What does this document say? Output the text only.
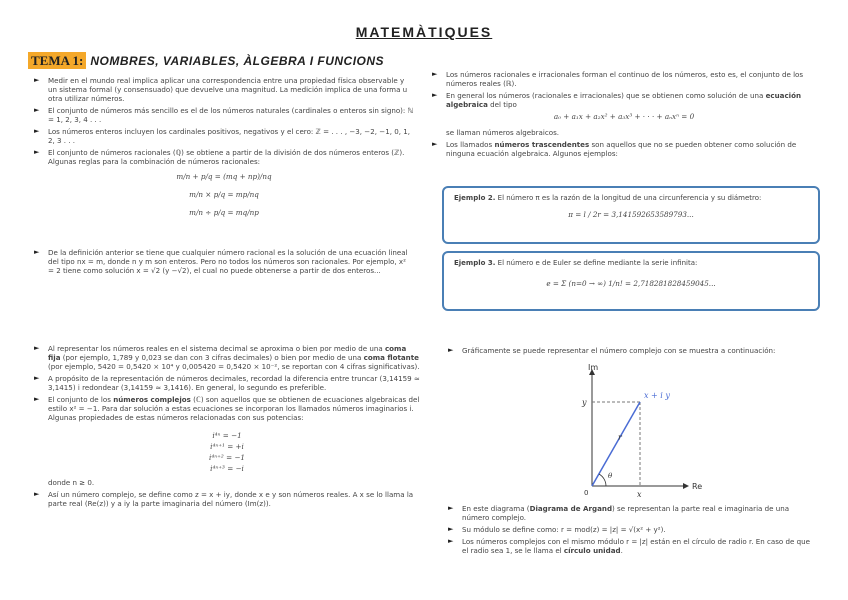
MATEMÀTIQUES
TEMA 1: NOMBRES, VARIABLES, ÀLGEBRA I FUNCIONS
►	Medir en el mundo real implica aplicar una correspondencia entre una propiedad física observable y un sistema formal (y consensuado) que devuelve una magnitud. La medición implica de una forma u otra utilizar números.
►	El conjunto de números más sencillo es el de los números naturales (cardinales o enteros sin signo): ℕ = 1, 2, 3, 4 . . .
►	Los números enteros incluyen los cardinales positivos, negativos y el cero: ℤ = . . . , −3, −2, −1, 0, 1, 2, 3 . . .
►	El conjunto de números racionales (ℚ) se obtiene a partir de la división de dos números enteros (ℤ). Algunas reglas para la combinación de números racionales:
m/n + p/q = (mq + np)/nq
m/n × p/q = mp/nq
m/n ÷ p/q = mq/np
►	De la definición anterior se tiene que cualquier número racional es la solución de una ecuación lineal del tipo nx = m, donde n y m son enteros. Pero no todos los números son racionales. Por ejemplo, x² = 2 tiene como solución x = √2 (y −√2), el cual no puede obtenerse a partir de dos enteros...
►	Los números racionales e irracionales forman el continuo de los números, esto es, el conjunto de los números reales (ℝ).
►	En general los números (racionales e irracionales) que se obtienen como solución de una ecuación algebraica del tipo
a₀ + a₁x + a₂x² + a₃x³ + · · · + aₙxⁿ = 0
se llaman números algebraicos.
►	Los llamados números trascendentes son aquellos que no se pueden obtener como solución de ninguna ecuación algebraica. Algunos ejemplos:
Ejemplo 2. El número π es la razón de la longitud de una circunferencia y su diámetro:
π = l / 2r = 3,141592653589793...
Ejemplo 3. El número e de Euler se define mediante la serie infinita:
e = Σ (n=0 → ∞) 1/n! = 2,718281828459045...
►	Al representar los números reales en el sistema decimal se aproxima o bien por medio de una coma fija (por ejemplo, 1,789 y 0,023 se dan con 3 cifras decimales) o bien por medio de una coma flotante (por ejemplo, 5420 = 0,5420 × 10⁴ y 0,005420 = 0,5420 × 10⁻², se reportan con 4 cifras significativas).
►	A propósito de la representación de números decimales, recordad la diferencia entre truncar (3,14159 ≈ 3,1415) i redondear (3,14159 ≈ 3,1416). En general, lo segundo es preferible.
►	El conjunto de los números complejos (ℂ) son aquellos que se obtienen de ecuaciones algebraicas del estilo x² = −1. Para dar solución a estas ecuaciones se incorporan los llamados números imaginarios i. Algunas propiedades de estas números relacionadas con sus potencias:
i⁴ⁿ = −1
i⁴ⁿ⁺¹ = +i
i⁴ⁿ⁺² = −1
i⁴ⁿ⁺³ = −i
donde n ≥ 0.
►	Así un número complejo, se define como z = x + iy, donde x e y son números reales. A x se lo llama la parte real (Re(z)) y a iy la parte imaginaria del número (Im(z)).
►	Gráficamente se puede representar el número complejo con se muestra a continuación:
Im
Re
x + i y
y
x
r
θ
0
►	En este diagrama (Diagrama de Argand) se representan la parte real e imaginaria de una número complejo.
►	Su módulo se define como: r = mod(z) = |z| = √(x² + y²).
►	Los números complejos con el mismo módulo r = |z| están en el círculo de radio r. En caso de que el radio sea 1, se le llama el círculo unidad.
